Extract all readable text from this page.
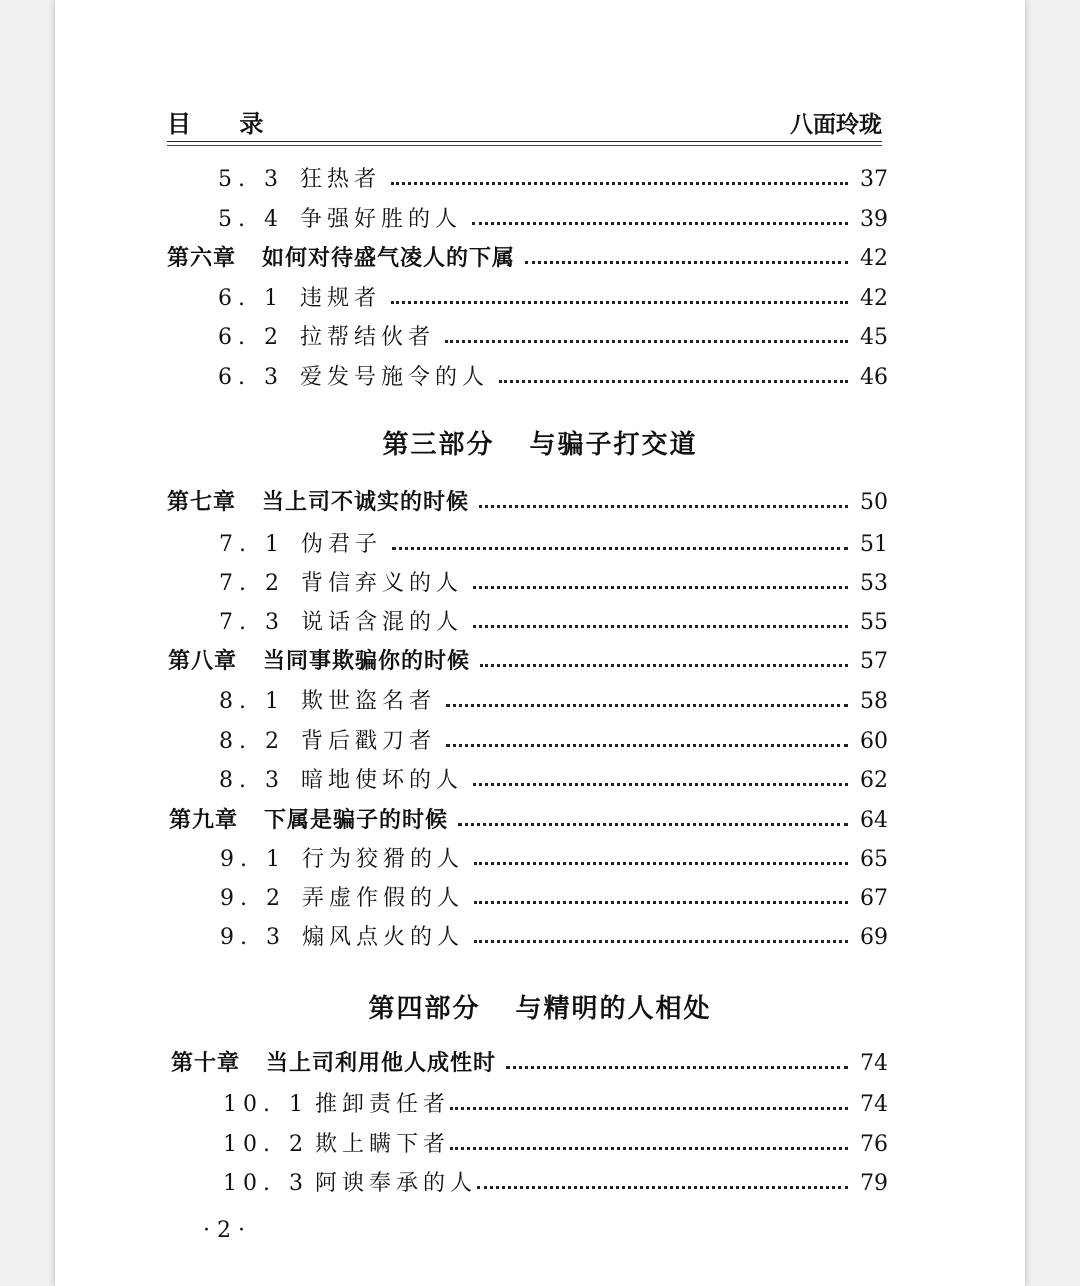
目 录	八面玲珑
5. 3 狂热者	37
5. 4 争强好胜的人	39
第六章 如何对待盛气凌人的下属	42
6. 1 违规者	42
6. 2 拉帮结伙者	45
6. 3 爱发号施令的人	46
第三部分 与骗子打交道
第七章 当上司不诚实的时候	50
7. 1 伪君子	51
7. 2 背信弃义的人	53
7. 3 说话含混的人	55
第八章 当同事欺骗你的时候	57
8. 1 欺世盗名者	58
8. 2 背后戳刀者	60
8. 3 暗地使坏的人	62
第九章 下属是骗子的时候	64
9. 1 行为狡猾的人	65
9. 2 弄虚作假的人	67
9. 3 煽风点火的人	69
第四部分 与精明的人相处
第十章 当上司利用他人成性时	74
10. 1 推卸责任者	74
10. 2 欺上瞒下者	76
10. 3 阿谀奉承的人	79
· 2 ·
